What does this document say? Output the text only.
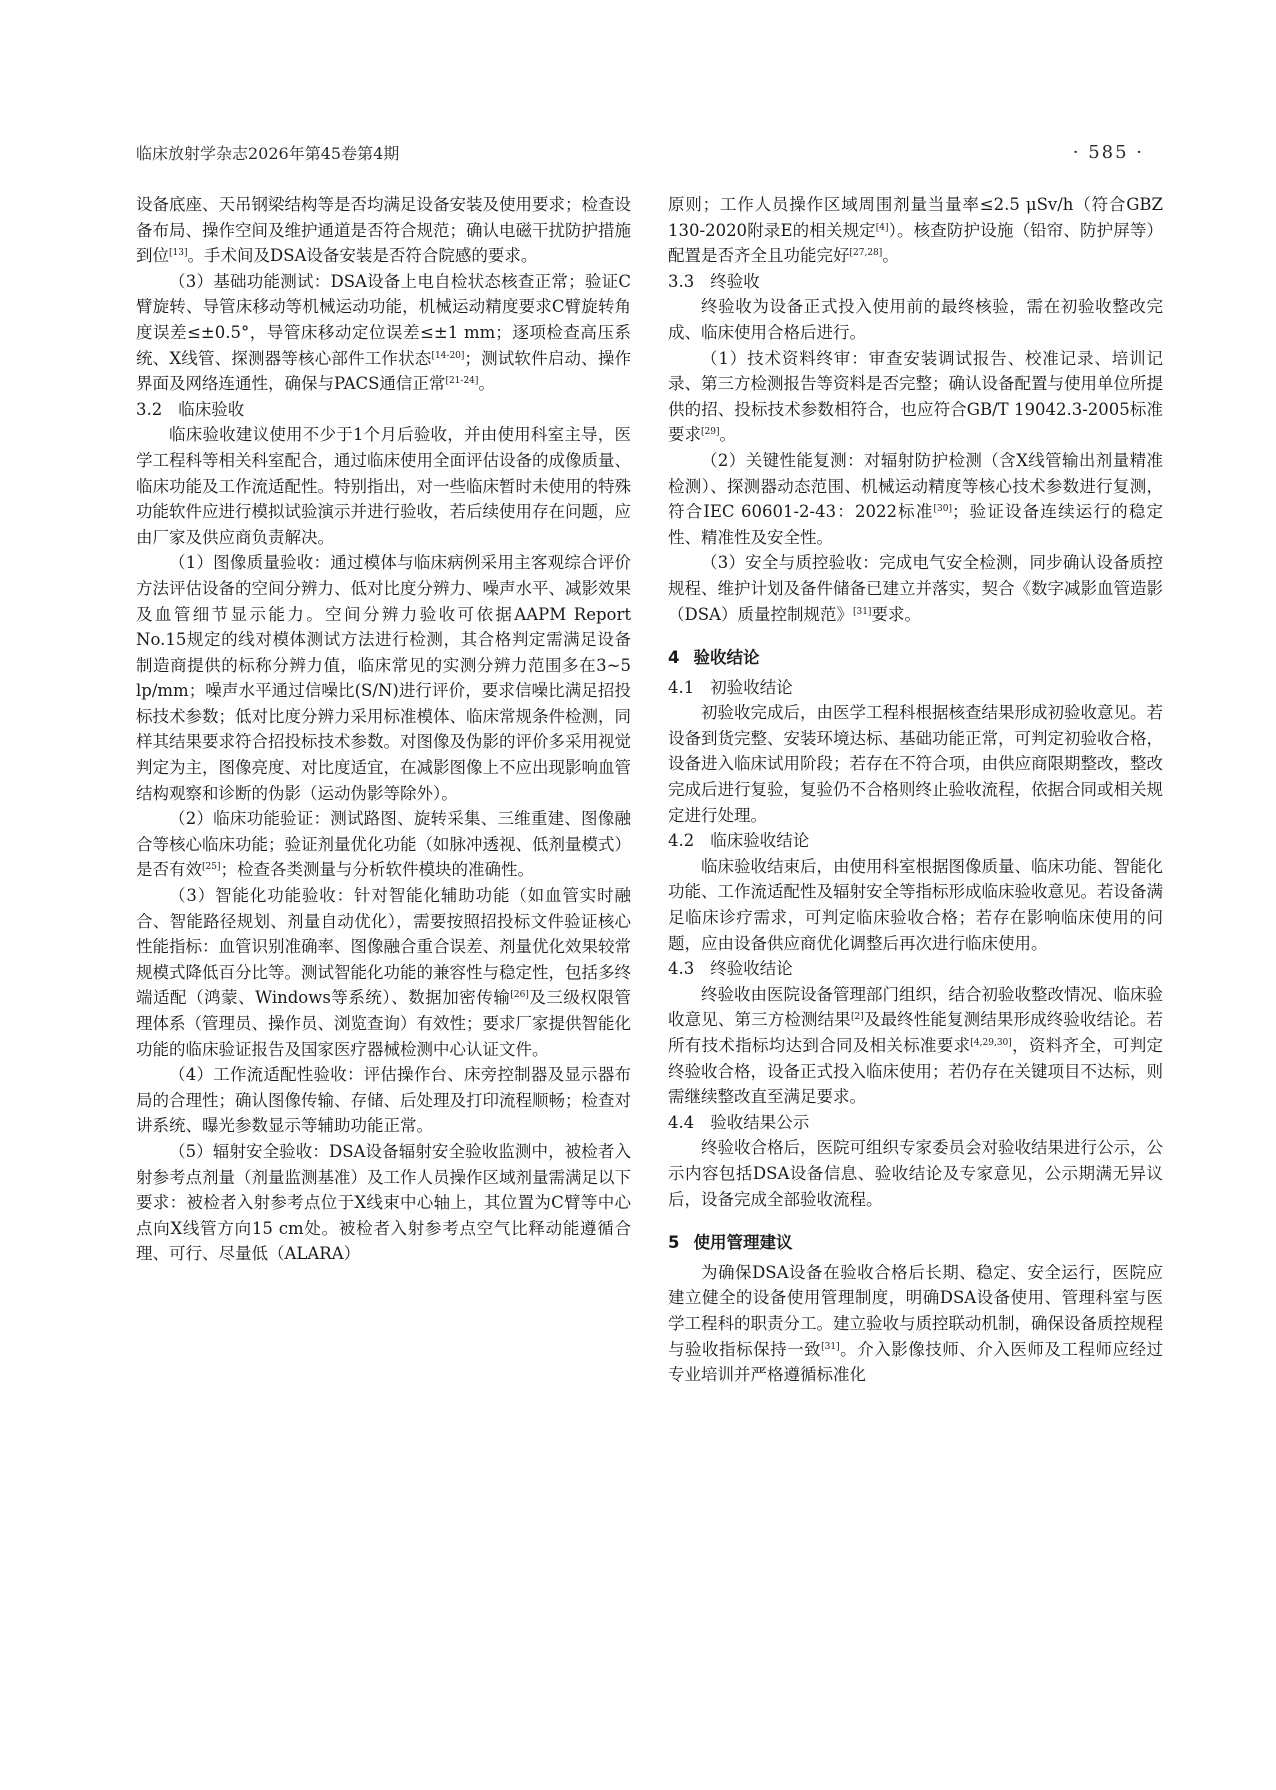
临床放射学杂志2026年第45卷第4期	· 585 ·

设备底座、天吊钢梁结构等是否均满足设备安装及使用要求；检查设备布局、操作空间及维护通道是否符合规范；确认电磁干扰防护措施到位[13]。手术间及DSA设备安装是否符合院感的要求。

（3）基础功能测试：DSA设备上电自检状态核查正常；验证C臂旋转、导管床移动等机械运动功能，机械运动精度要求C臂旋转角度误差≤±0.5°，导管床移动定位误差≤±1 mm；逐项检查高压系统、X线管、探测器等核心部件工作状态[14-20]；测试软件启动、操作界面及网络连通性，确保与PACS通信正常[21-24]。

3.2 临床验收

临床验收建议使用不少于1个月后验收，并由使用科室主导，医学工程科等相关科室配合，通过临床使用全面评估设备的成像质量、临床功能及工作流适配性。特别指出，对一些临床暂时未使用的特殊功能软件应进行模拟试验演示并进行验收，若后续使用存在问题，应由厂家及供应商负责解决。

（1）图像质量验收：通过模体与临床病例采用主客观综合评价方法评估设备的空间分辨力、低对比度分辨力、噪声水平、减影效果及血管细节显示能力。空间分辨力验收可依据AAPM Report No.15规定的线对模体测试方法进行检测，其合格判定需满足设备制造商提供的标称分辨力值，临床常见的实测分辨力范围多在3~5 lp/mm；噪声水平通过信噪比(S/N)进行评价，要求信噪比满足招投标技术参数；低对比度分辨力采用标准模体、临床常规条件检测，同样其结果要求符合招投标技术参数。对图像及伪影的评价多采用视觉判定为主，图像亮度、对比度适宜，在减影图像上不应出现影响血管结构观察和诊断的伪影（运动伪影等除外）。

（2）临床功能验证：测试路图、旋转采集、三维重建、图像融合等核心临床功能；验证剂量优化功能（如脉冲透视、低剂量模式）是否有效[25]；检查各类测量与分析软件模块的准确性。

（3）智能化功能验收：针对智能化辅助功能（如血管实时融合、智能路径规划、剂量自动优化），需要按照招投标文件验证核心性能指标：血管识别准确率、图像融合重合误差、剂量优化效果较常规模式降低百分比等。测试智能化功能的兼容性与稳定性，包括多终端适配（鸿蒙、Windows等系统）、数据加密传输[26]及三级权限管理体系（管理员、操作员、浏览查询）有效性；要求厂家提供智能化功能的临床验证报告及国家医疗器械检测中心认证文件。

（4）工作流适配性验收：评估操作台、床旁控制器及显示器布局的合理性；确认图像传输、存储、后处理及打印流程顺畅；检查对讲系统、曝光参数显示等辅助功能正常。

（5）辐射安全验收：DSA设备辐射安全验收监测中，被检者入射参考点剂量（剂量监测基准）及工作人员操作区域剂量需满足以下要求：被检者入射参考点位于X线束中心轴上，其位置为C臂等中心点向X线管方向15 cm处。被检者入射参考点空气比释动能遵循合理、可行、尽量低（ALARA）

原则；工作人员操作区域周围剂量当量率≤2.5 μSv/h（符合GBZ 130-2020附录E的相关规定[4]）。核查防护设施（铅帘、防护屏等）配置是否齐全且功能完好[27,28]。

3.3 终验收

终验收为设备正式投入使用前的最终核验，需在初验收整改完成、临床使用合格后进行。

（1）技术资料终审：审查安装调试报告、校准记录、培训记录、第三方检测报告等资料是否完整；确认设备配置与使用单位所提供的招、投标技术参数相符合，也应符合GB/T 19042.3-2005标准要求[29]。

（2）关键性能复测：对辐射防护检测（含X线管输出剂量精准检测）、探测器动态范围、机械运动精度等核心技术参数进行复测，符合IEC 60601-2-43：2022标准[30]；验证设备连续运行的稳定性、精准性及安全性。

（3）安全与质控验收：完成电气安全检测，同步确认设备质控规程、维护计划及备件储备已建立并落实，契合《数字减影血管造影（DSA）质量控制规范》[31]要求。

4 验收结论

4.1 初验收结论

初验收完成后，由医学工程科根据核查结果形成初验收意见。若设备到货完整、安装环境达标、基础功能正常，可判定初验收合格，设备进入临床试用阶段；若存在不符合项，由供应商限期整改，整改完成后进行复验，复验仍不合格则终止验收流程，依据合同或相关规定进行处理。

4.2 临床验收结论

临床验收结束后，由使用科室根据图像质量、临床功能、智能化功能、工作流适配性及辐射安全等指标形成临床验收意见。若设备满足临床诊疗需求，可判定临床验收合格；若存在影响临床使用的问题，应由设备供应商优化调整后再次进行临床使用。

4.3 终验收结论

终验收由医院设备管理部门组织，结合初验收整改情况、临床验收意见、第三方检测结果[2]及最终性能复测结果形成终验收结论。若所有技术指标均达到合同及相关标准要求[4,29,30]，资料齐全，可判定终验收合格，设备正式投入临床使用；若仍存在关键项目不达标，则需继续整改直至满足要求。

4.4 验收结果公示

终验收合格后，医院可组织专家委员会对验收结果进行公示，公示内容包括DSA设备信息、验收结论及专家意见，公示期满无异议后，设备完成全部验收流程。

5 使用管理建议

为确保DSA设备在验收合格后长期、稳定、安全运行，医院应建立健全的设备使用管理制度，明确DSA设备使用、管理科室与医学工程科的职责分工。建立验收与质控联动机制，确保设备质控规程与验收指标保持一致[31]。介入影像技师、介入医师及工程师应经过专业培训并严格遵循标准化
